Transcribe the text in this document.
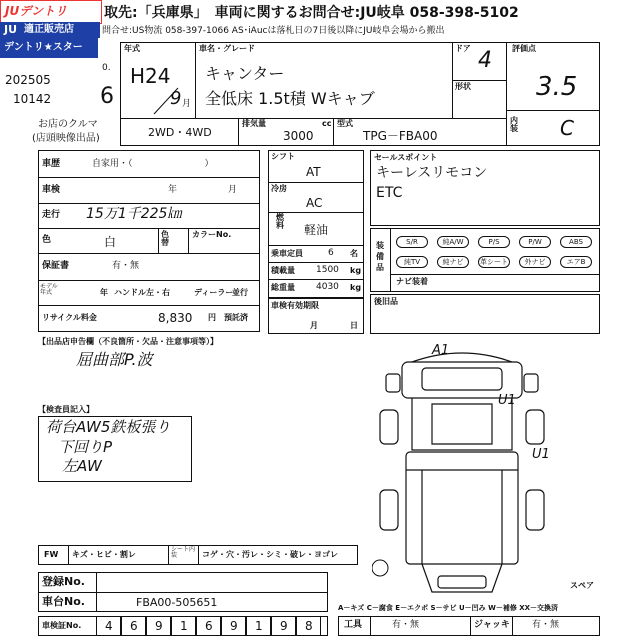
JUデントリ
JU 適正販売店
デントリ★スター
取先:「兵庫県」　車両に関するお問合せ:JU岐阜 058-398-5102
問合せ:US物流 058-397-1066 AS･iAucは落札日の7日後以降にJU岐阜会場から搬出
202505
10142
0.
6
年式
H24
9 月
車名・グレード
キャンター
全低床 1.5t積 Wキャブ
ドア 4
形状
評価点
3.5
内装 C
2WD・4WD
排気量	cc
3000
型式
TPG－FBA00
お店のクルマ
(店頭映像出品)
車歴	自家用・（　　　　　　　　）
車検	年	月
走行 15万1千225㎞
色	白
色替
カラーNo.
保証書	有・無
モデル年式	年 ハンドル 左・右	ディーラー
並行
リサイクル料金	8,830 円 預託済
シフト
AT
冷房
AC
燃料 軽油
乗車定員	6 名
積載量 1500 kg
総重量 4030 kg
車検有効期限
月	日
セールスポイント
キーレスリモコン
ETC
装備品
S/R	純A/W	P/S	P/W	ABS
純TV	純ナビ	革シート	外ナビ	エアB
ナビ装着
後旧品
【出品店申告欄（不良箇所・欠品・注意事項等）】
屈曲部P.波
【検査員記入】
荷台AW5鉄板張り
下回りP
左AW
A1
U1
U1
スペア
FW キズ・ヒビ・割レ
シート内装	コゲ・穴・汚レ・シミ・破レ・ヨゴレ
A－キズ C－腐食 E－エクボ S－サビ U－凹み W－補修 XX－交換済
登録No.
車台No.	FBA00-505651
車検証No. 4 6 9 1 6 9 1 9 8	工具	有・無	ジャッキ 有・無
